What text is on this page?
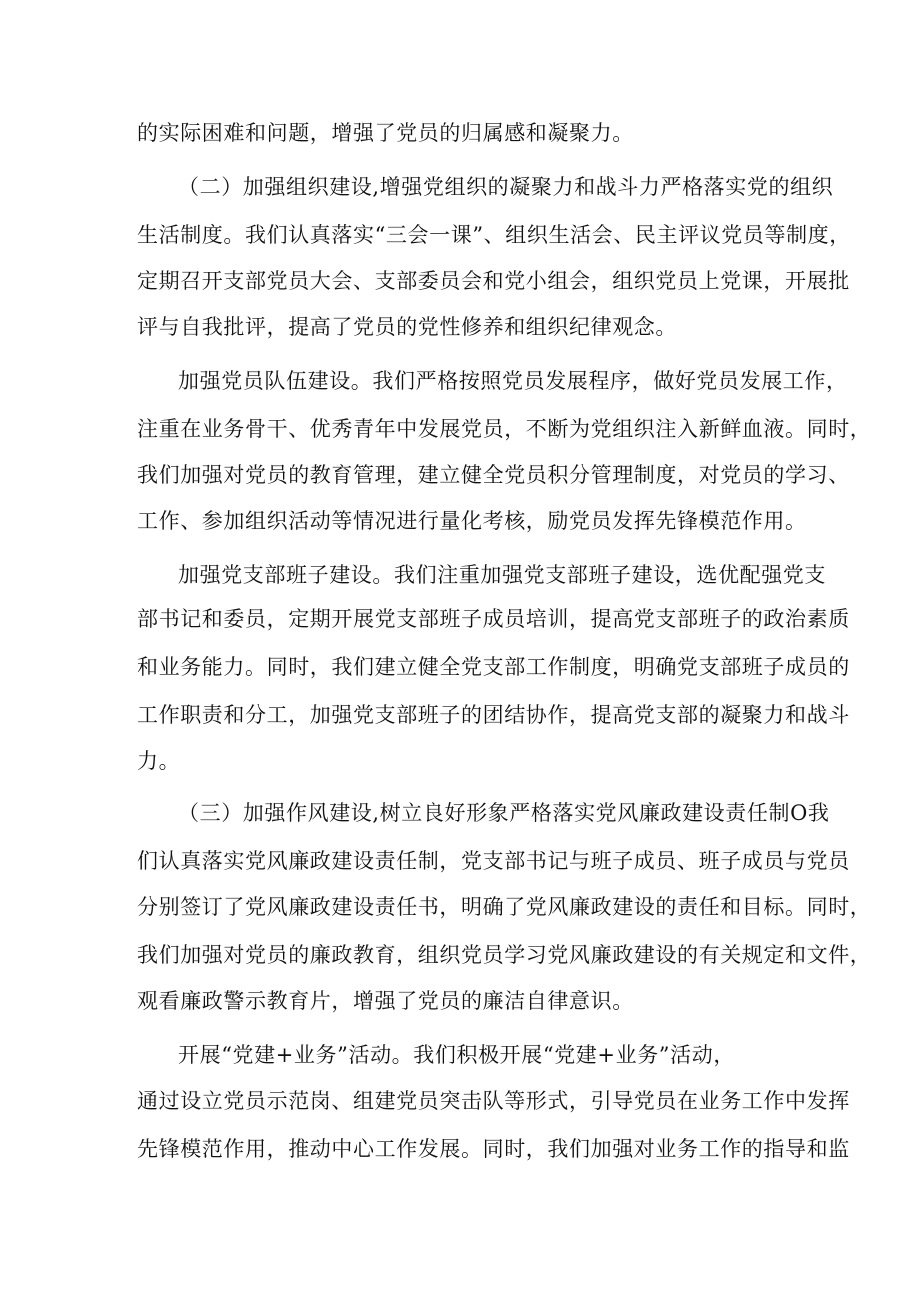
的实际困难和问题，增强了党员的归属感和凝聚力。
（二）加强组织建设,增强党组织的凝聚力和战斗力严格落实党的组织
生活制度。我们认真落实“三会一课”、组织生活会、民主评议党员等制度，
定期召开支部党员大会、支部委员会和党小组会，组织党员上党课，开展批
评与自我批评，提高了党员的党性修养和组织纪律观念。
加强党员队伍建设。我们严格按照党员发展程序，做好党员发展工作，
注重在业务骨干、优秀青年中发展党员，不断为党组织注入新鲜血液。同时，
我们加强对党员的教育管理，建立健全党员积分管理制度，对党员的学习、
工作、参加组织活动等情况进行量化考核，励党员发挥先锋模范作用。
加强党支部班子建设。我们注重加强党支部班子建设，选优配强党支
部书记和委员，定期开展党支部班子成员培训，提高党支部班子的政治素质
和业务能力。同时，我们建立健全党支部工作制度，明确党支部班子成员的
工作职责和分工，加强党支部班子的团结协作，提高党支部的凝聚力和战斗
力。
（三）加强作风建设,树立良好形象严格落实党风廉政建设责任制O我
们认真落实党风廉政建设责任制，党支部书记与班子成员、班子成员与党员
分别签订了党风廉政建设责任书，明确了党风廉政建设的责任和目标。同时，
我们加强对党员的廉政教育，组织党员学习党风廉政建设的有关规定和文件，
观看廉政警示教育片，增强了党员的廉洁自律意识。
开展“党建+业务”活动。我们积极开展“党建+业务”活动，
通过设立党员示范岗、组建党员突击队等形式，引导党员在业务工作中发挥
先锋模范作用，推动中心工作发展。同时，我们加强对业务工作的指导和监
